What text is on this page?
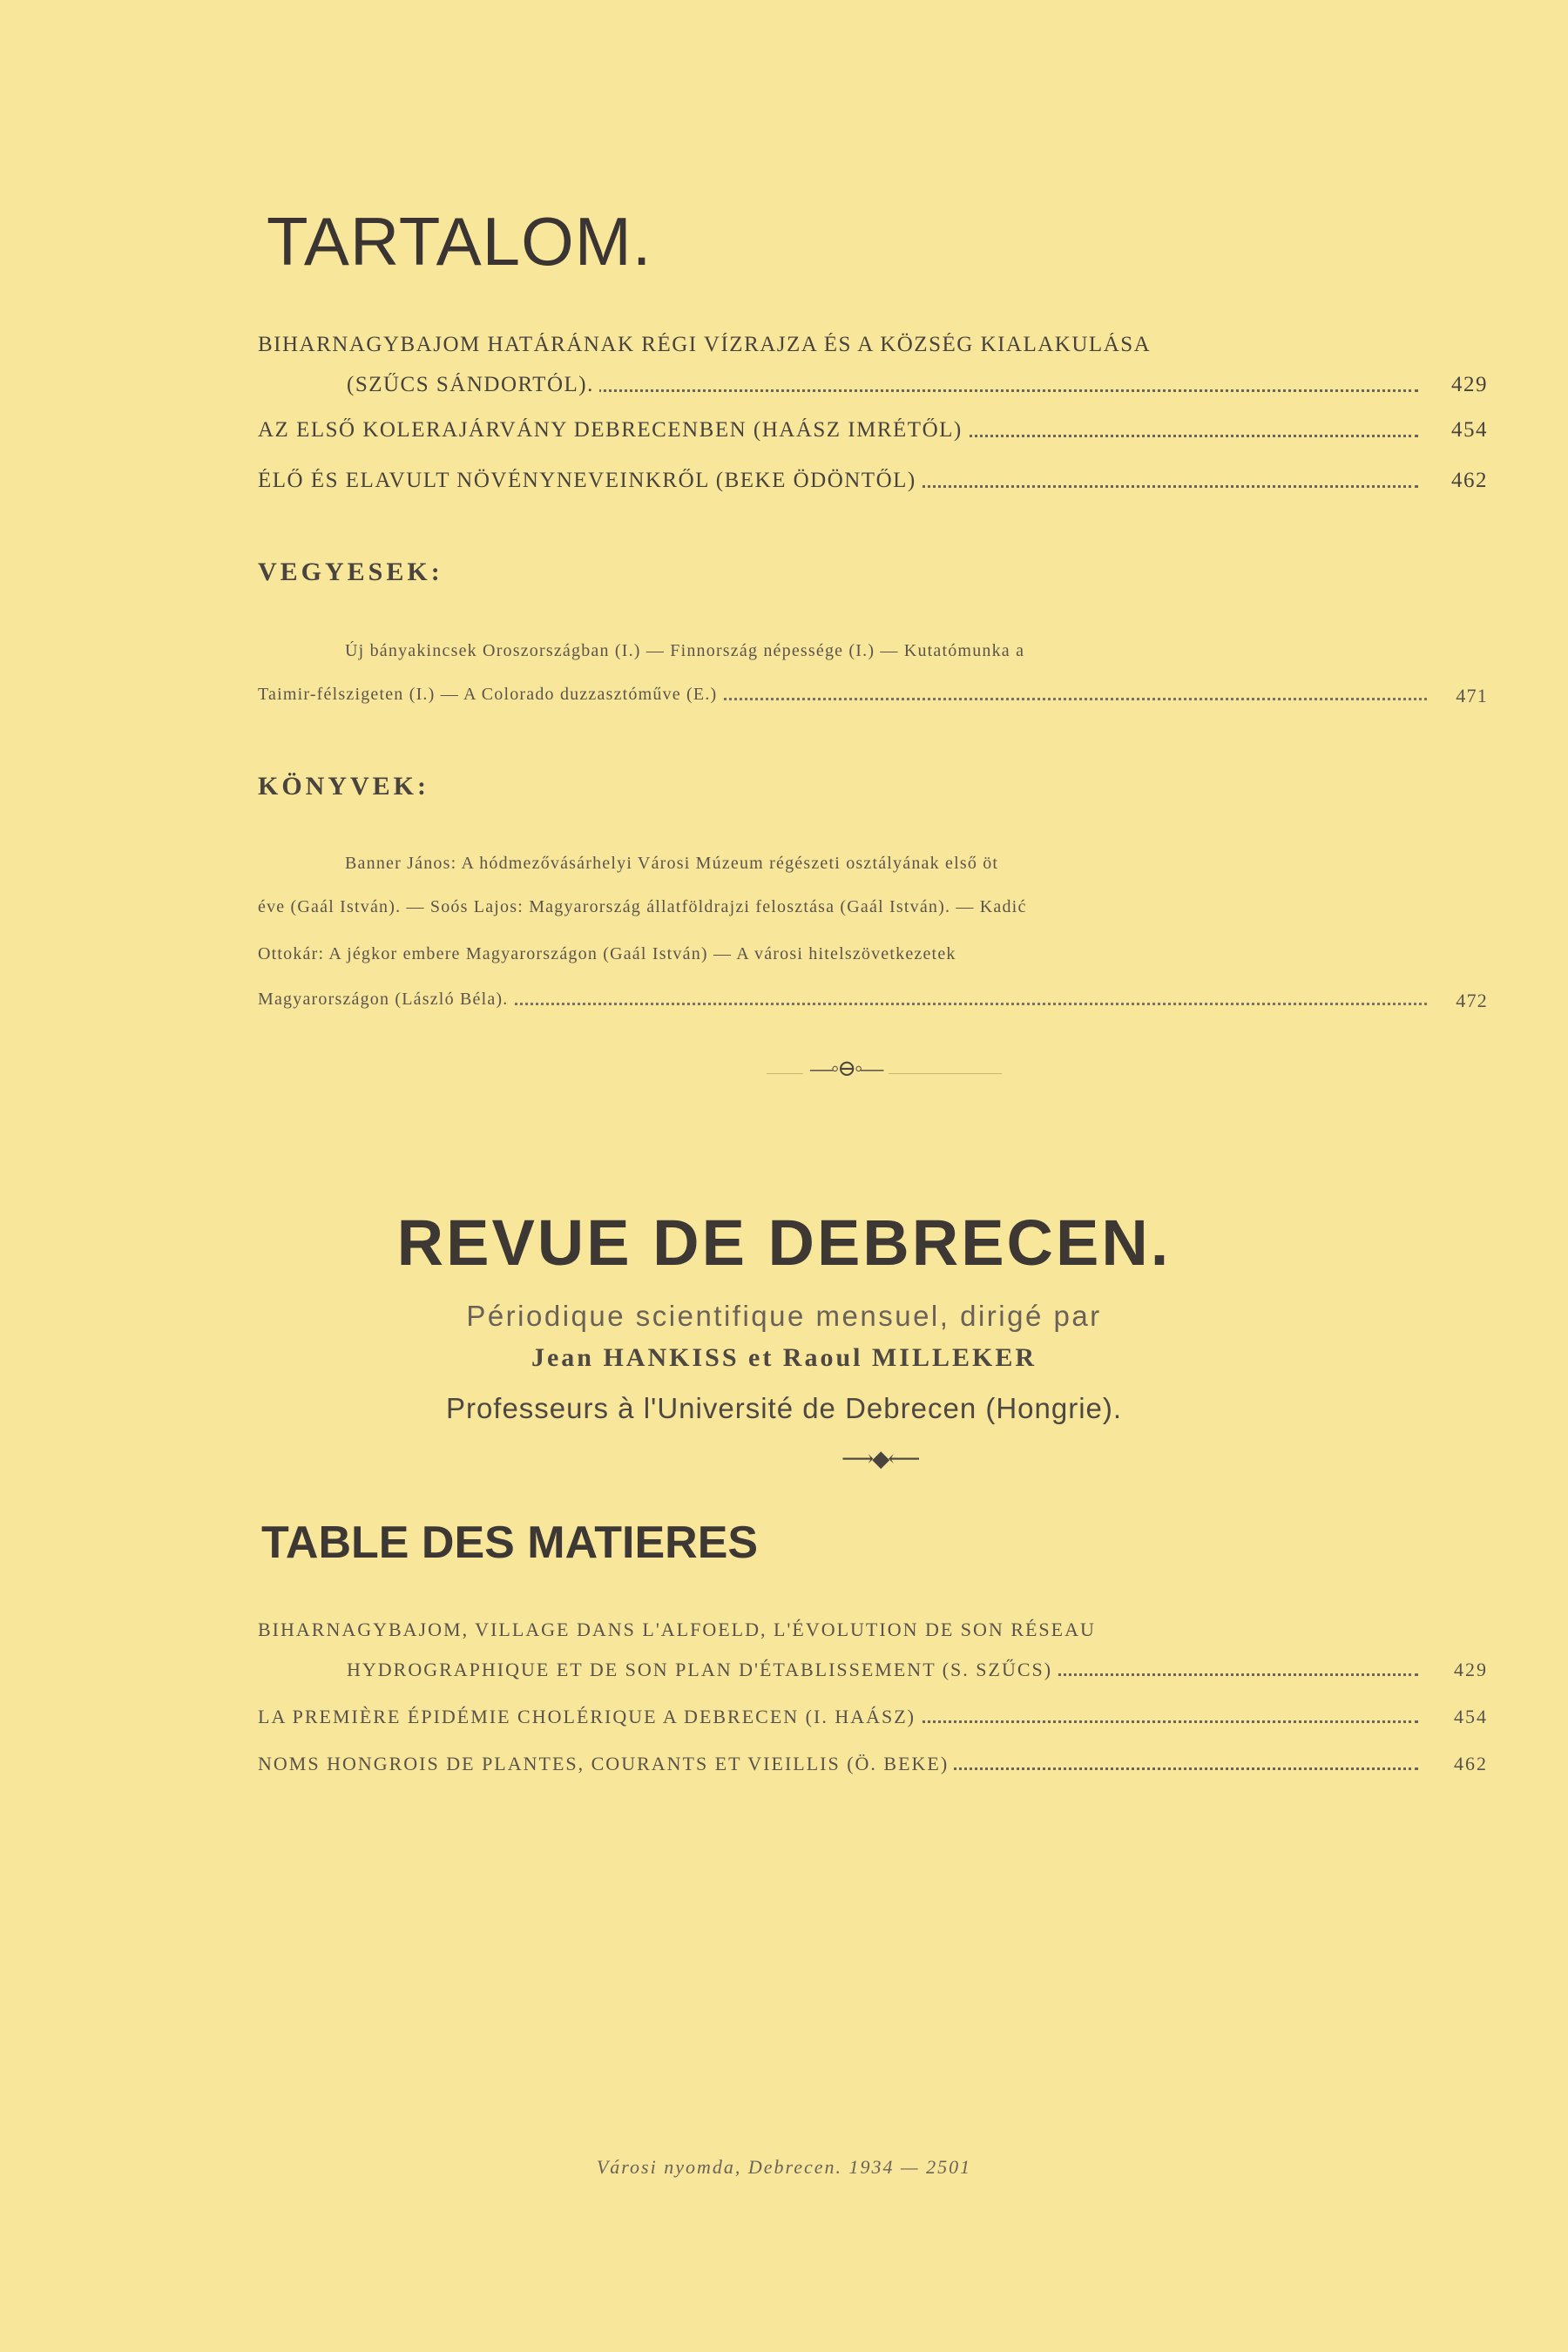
TARTALOM.
BIHARNAGYBAJOM HATÁRÁNAK RÉGI VÍZRAJZA ÉS A KÖZSÉG KIALAKULÁSA
(SZŰCS SÁNDORTÓL).	429
AZ ELSŐ KOLERAJÁRVÁNY DEBRECENBEN (HAÁSZ IMRÉTŐL)	454
ÉLŐ ÉS ELAVULT NÖVÉNYNEVEINKRŐL (BEKE ÖDÖNTŐL)	462
VEGYESEK:
Új bányakincsek Oroszországban (I.) — Finnország népessége (I.) — Kutatómunka a
Taimir-félszigeten (I.) — A Colorado duzzasztóműve (E.)	471
KÖNYVEK:
Banner János: A hódmezővásárhelyi Városi Múzeum régészeti osztályának első öt
éve (Gaál István). — Soós Lajos: Magyarország állatföldrajzi felosztása (Gaál István). — Kadić
Ottokár: A jégkor embere Magyarországon (Gaál István) — A városi hitelszövetkezetek
Magyarországon (László Béla).	472
—◦⊖◦—
REVUE DE DEBRECEN.
Périodique scientifique mensuel, dirigé par
Jean HANKISS et Raoul MILLEKER
Professeurs à l'Université de Debrecen (Hongrie).
⟶◆⟵
TABLE DES MATIERES
BIHARNAGYBAJOM, VILLAGE DANS L'ALFOELD, L'ÉVOLUTION DE SON RÉSEAU
HYDROGRAPHIQUE ET DE SON PLAN D'ÉTABLISSEMENT (S. SZŰCS)	429
LA PREMIÈRE ÉPIDÉMIE CHOLÉRIQUE A DEBRECEN (I. HAÁSZ)	454
NOMS HONGROIS DE PLANTES, COURANTS ET VIEILLIS (Ö. BEKE)	462
Városi nyomda, Debrecen. 1934 — 2501
